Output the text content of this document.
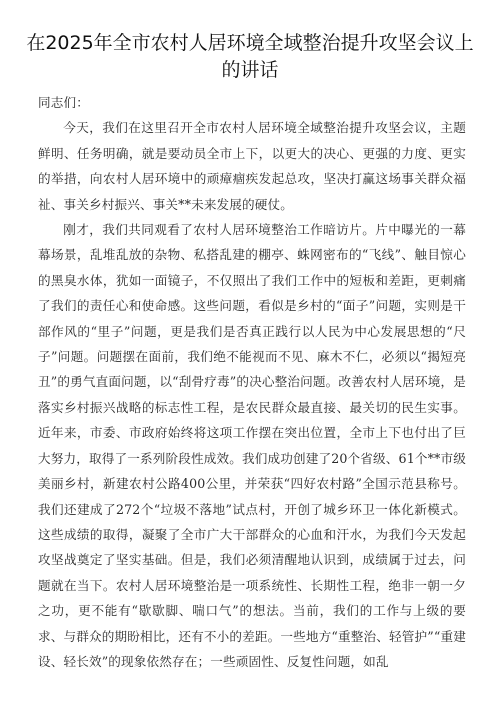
在2025年全市农村人居环境全域整治提升攻坚会议上的讲话

同志们：

今天，我们在这里召开全市农村人居环境全域整治提升攻坚会议，主题鲜明、任务明确，就是要动员全市上下，以更大的决心、更强的力度、更实的举措，向农村人居环境中的顽瘴痼疾发起总攻，坚决打赢这场事关群众福祉、事关乡村振兴、事关**未来发展的硬仗。

刚才，我们共同观看了农村人居环境整治工作暗访片。片中曝光的一幕幕场景，乱堆乱放的杂物、私搭乱建的棚亭、蛛网密布的“飞线”、触目惊心的黑臭水体，犹如一面镜子，不仅照出了我们工作中的短板和差距，更刺痛了我们的责任心和使命感。这些问题，看似是乡村的“面子”问题，实则是干部作风的“里子”问题，更是我们是否真正践行以人民为中心发展思想的“尺子”问题。问题摆在面前，我们绝不能视而不见、麻木不仁，必须以“揭短亮丑”的勇气直面问题，以“刮骨疗毒”的决心整治问题。改善农村人居环境，是落实乡村振兴战略的标志性工程，是农民群众最直接、最关切的民生实事。近年来，市委、市政府始终将这项工作摆在突出位置，全市上下也付出了巨大努力，取得了一系列阶段性成效。我们成功创建了20个省级、61个**市级美丽乡村，新建农村公路400公里，并荣获“四好农村路”全国示范县称号。我们还建成了272个“垃圾不落地”试点村，开创了城乡环卫一体化新模式。这些成绩的取得，凝聚了全市广大干部群众的心血和汗水，为我们今天发起攻坚战奠定了坚实基础。但是，我们必须清醒地认识到，成绩属于过去，问题就在当下。农村人居环境整治是一项系统性、长期性工程，绝非一朝一夕之功，更不能有“歇歇脚、喘口气”的想法。当前，我们的工作与上级的要求、与群众的期盼相比，还有不小的差距。一些地方“重整治、轻管护”“重建设、轻长效”的现象依然存在；一些顽固性、反复性问题，如乱
